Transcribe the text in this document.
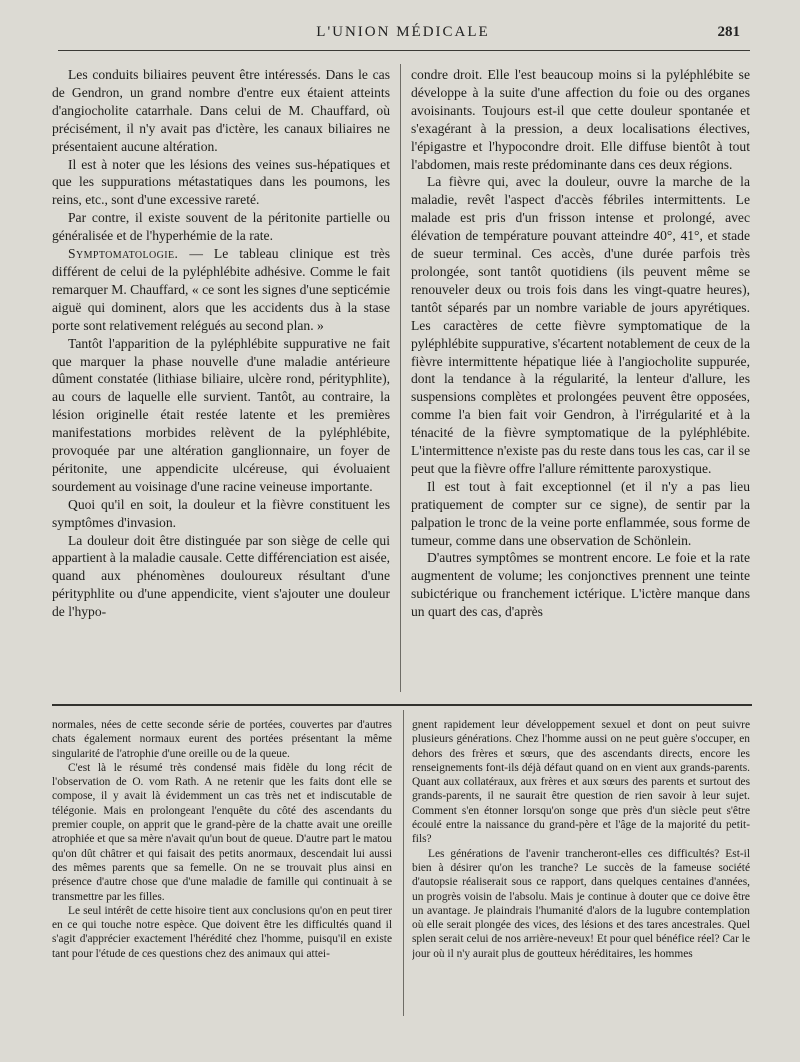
L'UNION MÉDICALE	281

Les conduits biliaires peuvent être intéressés. Dans le cas de Gendron, un grand nombre d'entre eux étaient atteints d'angiocholite catarrhale. Dans celui de M. Chauffard, où précisément, il n'y avait pas d'ictère, les canaux biliaires ne présentaient aucune altération.

Il est à noter que les lésions des veines sus-hépatiques et que les suppurations métastatiques dans les poumons, les reins, etc., sont d'une excessive rareté.

Par contre, il existe souvent de la péritonite partielle ou généralisée et de l'hyperhémie de la rate.

Symptomatologie. — Le tableau clinique est très différent de celui de la pyléphlébite adhésive. Comme le fait remarquer M. Chauffard, « ce sont les signes d'une septicémie aiguë qui dominent, alors que les accidents dus à la stase porte sont relativement relégués au second plan. »

Tantôt l'apparition de la pyléphlébite suppurative ne fait que marquer la phase nouvelle d'une maladie antérieure dûment constatée (lithiase biliaire, ulcère rond, pérityphlite), au cours de laquelle elle survient. Tantôt, au contraire, la lésion originelle était restée latente et les premières manifestations morbides relèvent de la pyléphlébite, provoquée par une altération ganglionnaire, un foyer de péritonite, une appendicite ulcéreuse, qui évoluaient sourdement au voisinage d'une racine veineuse importante.

Quoi qu'il en soit, la douleur et la fièvre constituent les symptômes d'invasion.

La douleur doit être distinguée par son siège de celle qui appartient à la maladie causale. Cette différenciation est aisée, quand aux phénomènes douloureux résultant d'une pérityphlite ou d'une appendicite, vient s'ajouter une douleur de l'hypo-

condre droit. Elle l'est beaucoup moins si la pyléphlébite se développe à la suite d'une affection du foie ou des organes avoisinants. Toujours est-il que cette douleur spontanée et s'exagérant à la pression, a deux localisations électives, l'épigastre et l'hypocondre droit. Elle diffuse bientôt à tout l'abdomen, mais reste prédominante dans ces deux régions.

La fièvre qui, avec la douleur, ouvre la marche de la maladie, revêt l'aspect d'accès fébriles intermittents. Le malade est pris d'un frisson intense et prolongé, avec élévation de température pouvant atteindre 40°, 41°, et stade de sueur terminal. Ces accès, d'une durée parfois très prolongée, sont tantôt quotidiens (ils peuvent même se renouveler deux ou trois fois dans les vingt-quatre heures), tantôt séparés par un nombre variable de jours apyrétiques. Les caractères de cette fièvre symptomatique de la pyléphlébite suppurative, s'écartent notablement de ceux de la fièvre intermittente hépatique liée à l'angiocholite suppurée, dont la tendance à la régularité, la lenteur d'allure, les suspensions complètes et prolongées peuvent être opposées, comme l'a bien fait voir Gendron, à l'irrégularité et à la ténacité de la fièvre symptomatique de la pyléphlébite. L'intermittence n'existe pas du reste dans tous les cas, car il se peut que la fièvre offre l'allure rémittente paroxystique.

Il est tout à fait exceptionnel (et il n'y a pas lieu pratiquement de compter sur ce signe), de sentir par la palpation le tronc de la veine porte enflammée, sous forme de tumeur, comme dans une observation de Schönlein.

D'autres symptômes se montrent encore. Le foie et la rate augmentent de volume; les conjonctives prennent une teinte subictérique ou franchement ictérique. L'ictère manque dans un quart des cas, d'après

normales, nées de cette seconde série de portées, couvertes par d'autres chats également normaux eurent des portées présentant la même singularité de l'atrophie d'une oreille ou de la queue.

C'est là le résumé très condensé mais fidèle du long récit de l'observation de O. vom Rath. A ne retenir que les faits dont elle se compose, il y avait là évidemment un cas très net et indiscutable de télégonie. Mais en prolongeant l'enquête du côté des ascendants du premier couple, on apprit que le grand-père de la chatte avait une oreille atrophiée et que sa mère n'avait qu'un bout de queue. D'autre part le matou qu'on dût châtrer et qui faisait des petits anormaux, descendait lui aussi des mêmes parents que sa femelle. On ne se trouvait plus ainsi en présence d'autre chose que d'une maladie de famille qui continuait à se transmettre par les filles.

Le seul intérêt de cette hisoire tient aux conclusions qu'on en peut tirer en ce qui touche notre espèce. Que doivent être les difficultés quand il s'agit d'apprécier exactement l'hérédité chez l'homme, puisqu'il en existe tant pour l'étude de ces questions chez des animaux qui attei-

gnent rapidement leur développement sexuel et dont on peut suivre plusieurs générations. Chez l'homme aussi on ne peut guère s'occuper, en dehors des frères et sœurs, que des ascendants directs, encore les renseignements font-ils déjà défaut quand on en vient aux grands-parents. Quant aux collatéraux, aux frères et aux sœurs des parents et surtout des grands-parents, il ne saurait être question de rien savoir à leur sujet. Comment s'en étonner lorsqu'on songe que près d'un siècle peut s'être écoulé entre la naissance du grand-père et l'âge de la majorité du petit-fils?

Les générations de l'avenir trancheront-elles ces difficultés? Est-il bien à désirer qu'on les tranche? Le succès de la fameuse société d'autopsie réaliserait sous ce rapport, dans quelques centaines d'années, un progrès voisin de l'absolu. Mais je continue à douter que ce doive être un avantage. Je plaindrais l'humanité d'alors de la lugubre contemplation où elle serait plongée des vices, des lésions et des tares ancestrales. Quel splen serait celui de nos arrière-neveux! Et pour quel bénéfice réel? Car le jour où il n'y aurait plus de goutteux héréditaires, les hommes
